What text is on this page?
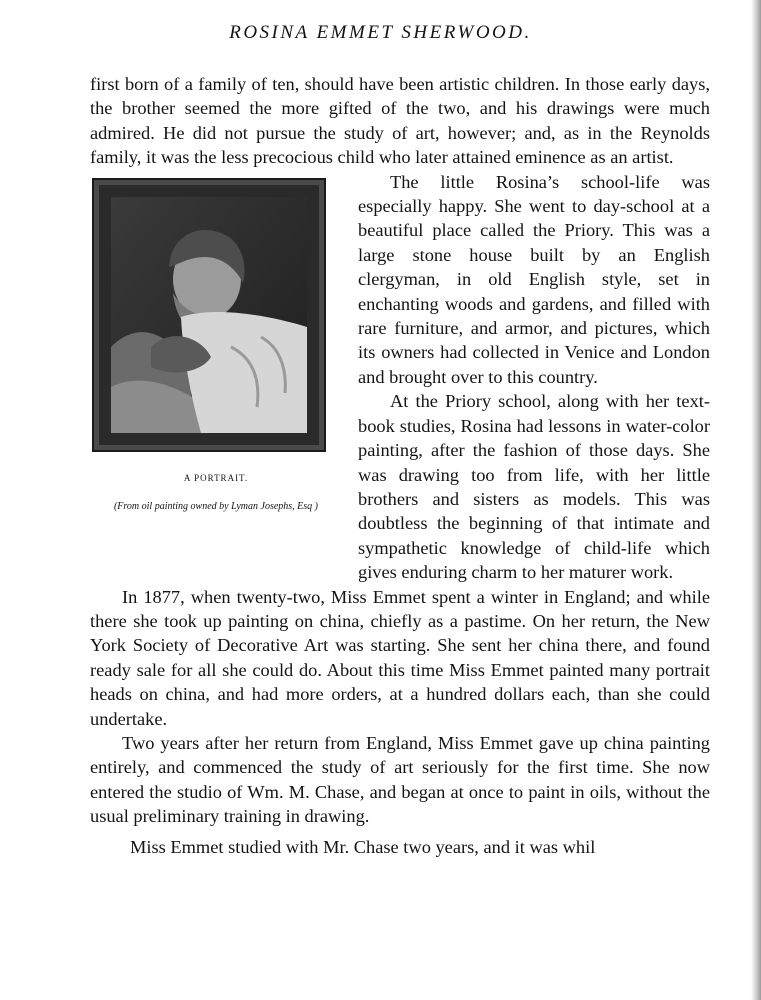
ROSINA EMMET SHERWOOD.

first born of a family of ten, should have been artistic children. In those early days, the brother seemed the more gifted of the two, and his drawings were much admired. He did not pursue the study of art, however; and, as in the Reynolds family, it was the less precocious child who later attained eminence as an artist.

A PORTRAIT.
(From oil painting owned by Lyman Josephs, Esq )

The little Rosina’s school-life was especially happy. She went to day-school at a beautiful place called the Priory. This was a large stone house built by an English clergyman, in old English style, set in enchanting woods and gardens, and filled with rare furniture, and armor, and pictures, which its owners had collected in Venice and London and brought over to this country.

At the Priory school, along with her text-book studies, Rosina had lessons in water-color painting, after the fashion of those days. She was drawing too from life, with her little brothers and sisters as models. This was doubtless the beginning of that intimate and sympathetic knowledge of child-life which gives enduring charm to her maturer work.

In 1877, when twenty-two, Miss Emmet spent a winter in England; and while there she took up painting on china, chiefly as a pastime. On her return, the New York Society of Decorative Art was starting. She sent her china there, and found ready sale for all she could do. About this time Miss Emmet painted many portrait heads on china, and had more orders, at a hundred dollars each, than she could undertake.

Two years after her return from England, Miss Emmet gave up china painting entirely, and commenced the study of art seriously for the first time. She now entered the studio of Wm. M. Chase, and began at once to paint in oils, without the usual preliminary training in drawing.

Miss Emmet studied with Mr. Chase two years, and it was whil
